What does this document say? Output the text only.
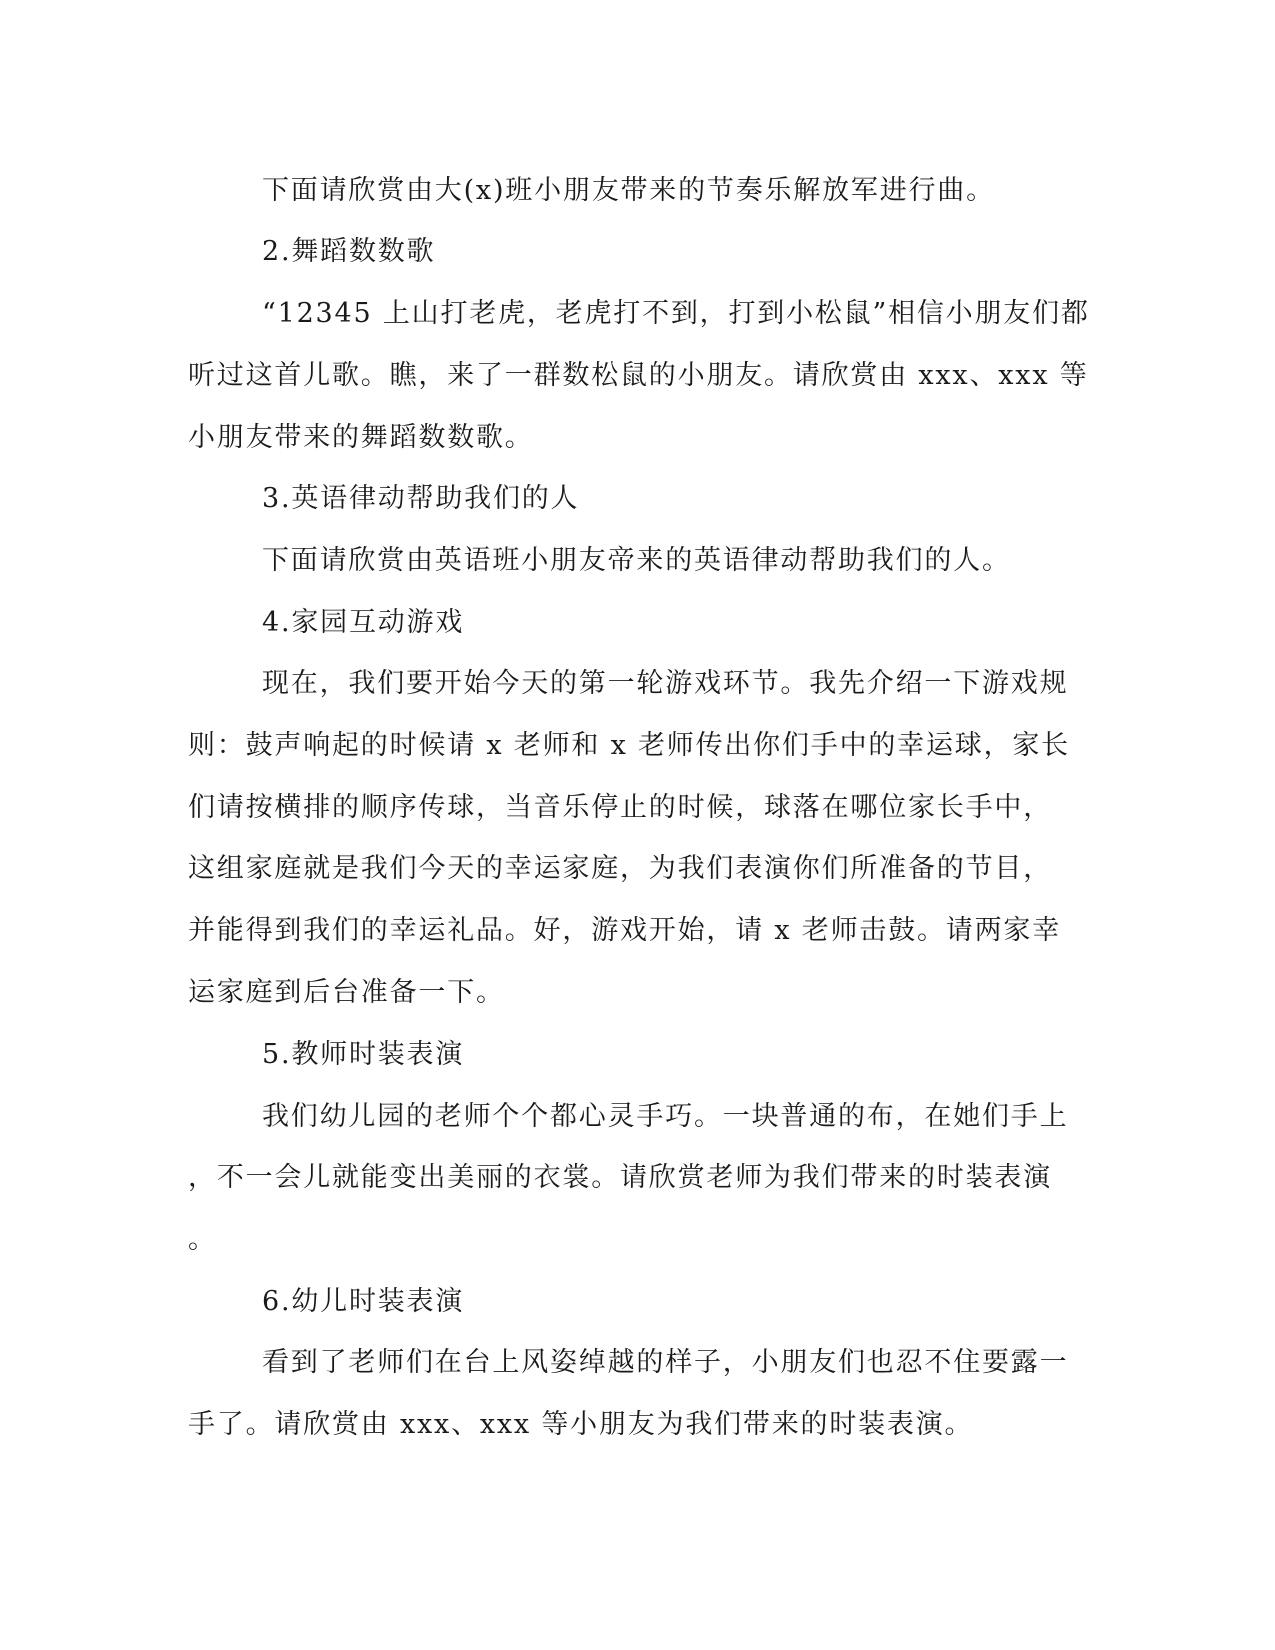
下面请欣赏由大(x)班小朋友带来的节奏乐解放军进行曲。
2.舞蹈数数歌
“12345 上山打老虎，老虎打不到，打到小松鼠”相信小朋友们都
听过这首儿歌。瞧，来了一群数松鼠的小朋友。请欣赏由 xxx、xxx 等
小朋友带来的舞蹈数数歌。
3.英语律动帮助我们的人
下面请欣赏由英语班小朋友帝来的英语律动帮助我们的人。
4.家园互动游戏
现在，我们要开始今天的第一轮游戏环节。我先介绍一下游戏规
则：鼓声响起的时候请 x 老师和 x 老师传出你们手中的幸运球，家长
们请按横排的顺序传球，当音乐停止的时候，球落在哪位家长手中，
这组家庭就是我们今天的幸运家庭，为我们表演你们所准备的节目，
并能得到我们的幸运礼品。好，游戏开始，请 x 老师击鼓。请两家幸
运家庭到后台准备一下。
5.教师时装表演
我们幼儿园的老师个个都心灵手巧。一块普通的布，在她们手上
，不一会儿就能变出美丽的衣裳。请欣赏老师为我们带来的时装表演
。
6.幼儿时装表演
看到了老师们在台上风姿绰越的样子，小朋友们也忍不住要露一
手了。请欣赏由 xxx、xxx 等小朋友为我们带来的时装表演。
